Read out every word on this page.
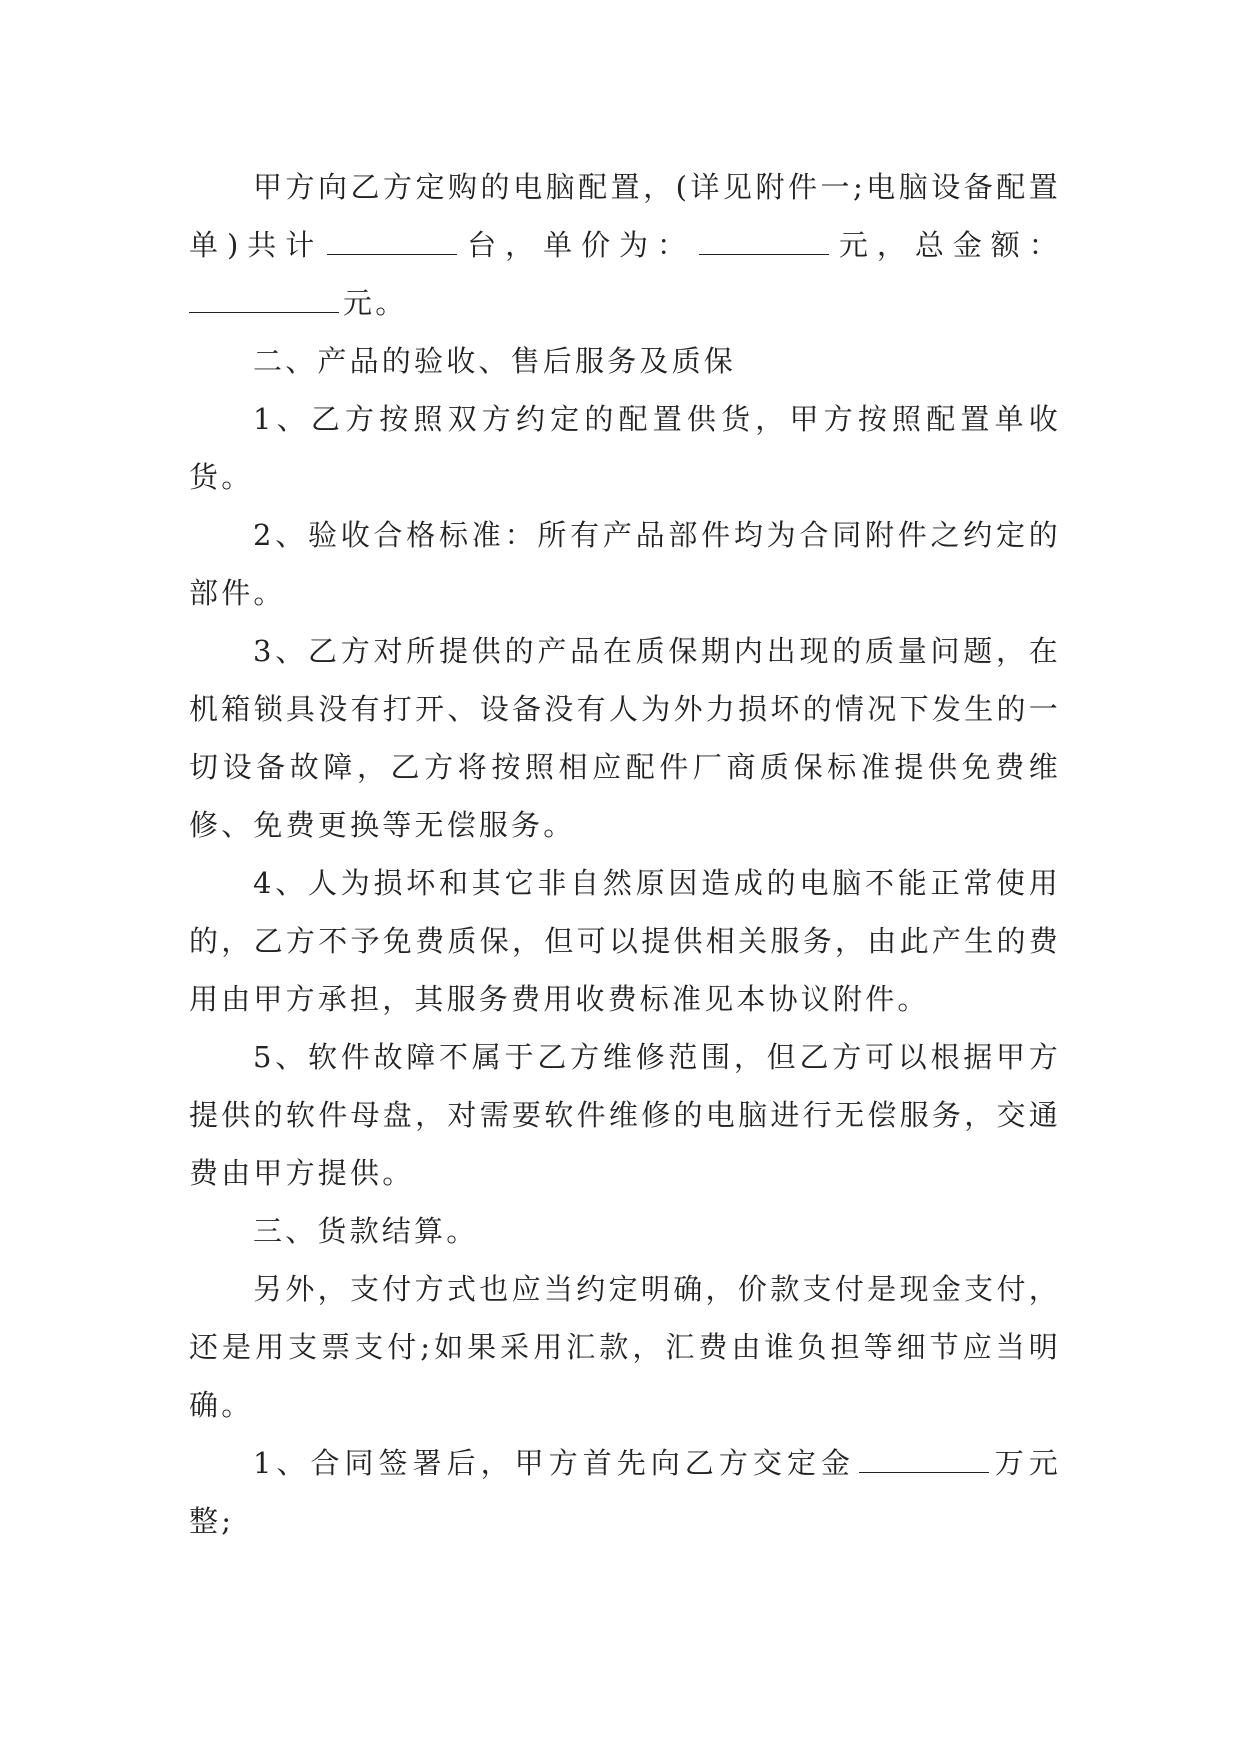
甲方向乙方定购的电脑配置，(详见附件一;电脑设备配置单)共计	台，单价为：	元，总金额：元。

二、产品的验收、售后服务及质保

1、乙方按照双方约定的配置供货，甲方按照配置单收货。

2、验收合格标准：所有产品部件均为合同附件之约定的部件。

3、乙方对所提供的产品在质保期内出现的质量问题，在机箱锁具没有打开、设备没有人为外力损坏的情况下发生的一切设备故障，乙方将按照相应配件厂商质保标准提供免费维修、免费更换等无偿服务。

4、人为损坏和其它非自然原因造成的电脑不能正常使用的，乙方不予免费质保，但可以提供相关服务，由此产生的费用由甲方承担，其服务费用收费标准见本协议附件。

5、软件故障不属于乙方维修范围，但乙方可以根据甲方提供的软件母盘，对需要软件维修的电脑进行无偿服务，交通费由甲方提供。

三、货款结算。

另外，支付方式也应当约定明确，价款支付是现金支付，还是用支票支付;如果采用汇款，汇费由谁负担等细节应当明确。

1、合同签署后，甲方首先向乙方交定金	万元整;
